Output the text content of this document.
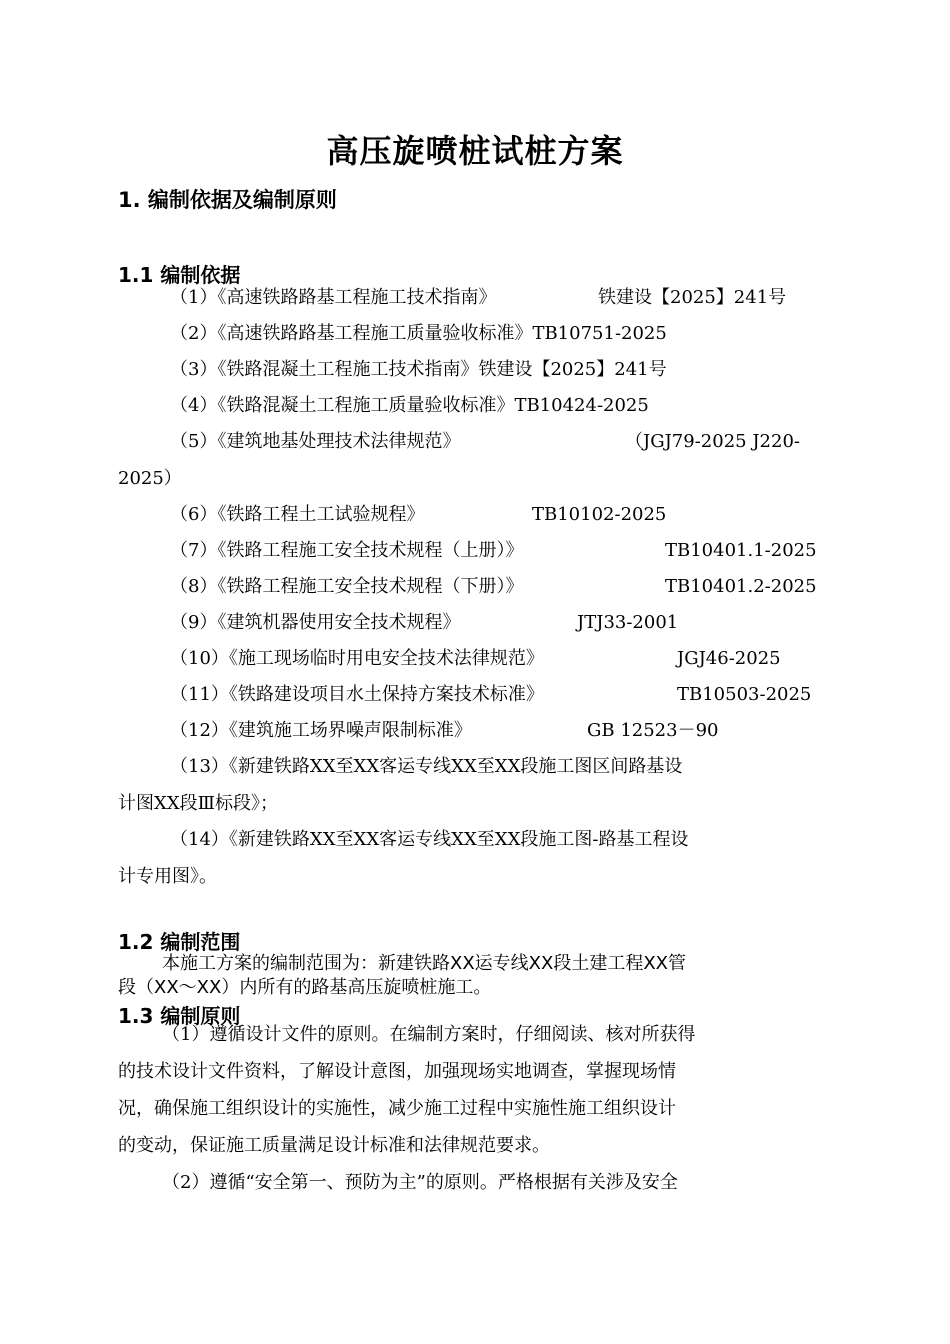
高压旋喷桩试桩方案
1. 编制依据及编制原则
1.1 编制依据
（1）《高速铁路路基工程施工技术指南》	铁建设【2025】241号
（2）《高速铁路路基工程施工质量验收标准》TB10751-2025
（3）《铁路混凝土工程施工技术指南》铁建设【2025】241号
（4）《铁路混凝土工程施工质量验收标准》TB10424-2025
（5）《建筑地基处理技术法律规范》	（JGJ79-2025 J220-
2025）
（6）《铁路工程土工试验规程》	TB10102-2025
（7）《铁路工程施工安全技术规程（上册）》	TB10401.1-2025
（8）《铁路工程施工安全技术规程（下册）》	TB10401.2-2025
（9）《建筑机器使用安全技术规程》	JTJ33-2001
（10）《施工现场临时用电安全技术法律规范》	JGJ46-2025
（11）《铁路建设项目水土保持方案技术标准》	TB10503-2025
（12）《建筑施工场界噪声限制标准》	GB 12523－90
（13）《新建铁路XX至XX客运专线XX至XX段施工图区间路基设
计图XX段Ⅲ标段》；
（14）《新建铁路XX至XX客运专线XX至XX段施工图-路基工程设
计专用图》。
1.2 编制范围
本施工方案的编制范围为：新建铁路XX运专线XX段土建工程XX管
段（XX～XX）内所有的路基高压旋喷桩施工。
1.3 编制原则
（1）遵循设计文件的原则。在编制方案时，仔细阅读、核对所获得
的技术设计文件资料，了解设计意图，加强现场实地调查，掌握现场情
况，确保施工组织设计的实施性，减少施工过程中实施性施工组织设计
的变动，保证施工质量满足设计标准和法律规范要求。
（2）遵循“安全第一、预防为主”的原则。严格根据有关涉及安全
